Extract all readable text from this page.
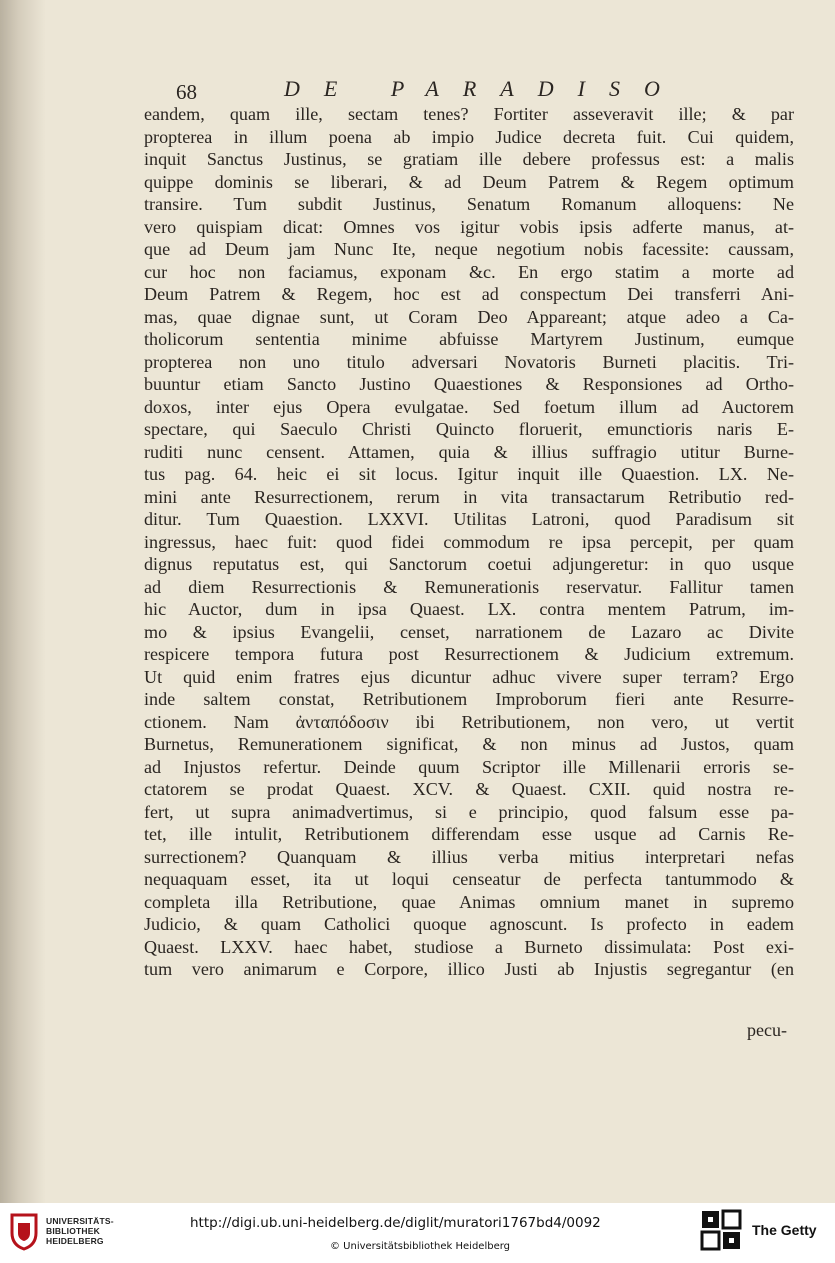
68	DE PARADISO
eandem, quam ille, sectam tenes? Fortiter asseveravit ille; & par
propterea in illum poena ab impio Judice decreta fuit. Cui quidem,
inquit Sanctus Justinus, se gratiam ille debere professus est: a malis
quippe dominis se liberari, & ad Deum Patrem & Regem optimum
transire. Tum subdit Justinus, Senatum Romanum alloquens: Ne
vero quispiam dicat: Omnes vos igitur vobis ipsis adferte manus, at-
que ad Deum jam Nunc Ite, neque negotium nobis facessite: caussam,
cur hoc non faciamus, exponam &c. En ergo statim a morte ad
Deum Patrem & Regem, hoc est ad conspectum Dei transferri Ani-
mas, quae dignae sunt, ut Coram Deo Appareant; atque adeo a Ca-
tholicorum sententia minime abfuisse Martyrem Justinum, eumque
propterea non uno titulo adversari Novatoris Burneti placitis. Tri-
buuntur etiam Sancto Justino Quaestiones & Responsiones ad Ortho-
doxos, inter ejus Opera evulgatae. Sed foetum illum ad Auctorem
spectare, qui Saeculo Christi Quincto floruerit, emunctioris naris E-
ruditi nunc censent. Attamen, quia & illius suffragio utitur Burne-
tus pag. 64. heic ei sit locus. Igitur inquit ille Quaestion. LX. Ne-
mini ante Resurrectionem, rerum in vita transactarum Retributio red-
ditur. Tum Quaestion. LXXVI. Utilitas Latroni, quod Paradisum sit
ingressus, haec fuit: quod fidei commodum re ipsa percepit, per quam
dignus reputatus est, qui Sanctorum coetui adjungeretur: in quo usque
ad diem Resurrectionis & Remunerationis reservatur. Fallitur tamen
hic Auctor, dum in ipsa Quaest. LX. contra mentem Patrum, im-
mo & ipsius Evangelii, censet, narrationem de Lazaro ac Divite
respicere tempora futura post Resurrectionem & Judicium extremum.
Ut quid enim fratres ejus dicuntur adhuc vivere super terram? Ergo
inde saltem constat, Retributionem Improborum fieri ante Resurre-
ctionem. Nam ἀνταπόδοσιν ibi Retributionem, non vero, ut vertit
Burnetus, Remunerationem significat, & non minus ad Justos, quam
ad Injustos refertur. Deinde quum Scriptor ille Millenarii erroris se-
ctatorem se prodat Quaest. XCV. & Quaest. CXII. quid nostra re-
fert, ut supra animadvertimus, si e principio, quod falsum esse pa-
tet, ille intulit, Retributionem differendam esse usque ad Carnis Re-
surrectionem? Quanquam & illius verba mitius interpretari nefas
nequaquam esset, ita ut loqui censeatur de perfecta tantummodo &
completa illa Retributione, quae Animas omnium manet in supremo
Judicio, & quam Catholici quoque agnoscunt. Is profecto in eadem
Quaest. LXXV. haec habet, studiose a Burneto dissimulata: Post exi-
tum vero animarum e Corpore, illico Justi ab Injustis segregantur (en
pecu-
UNIVERSITÄTS-
BIBLIOTHEK
HEIDELBERG
http://digi.ub.uni-heidelberg.de/diglit/muratori1767bd4/0092
© Universitätsbibliothek Heidelberg
The Getty
